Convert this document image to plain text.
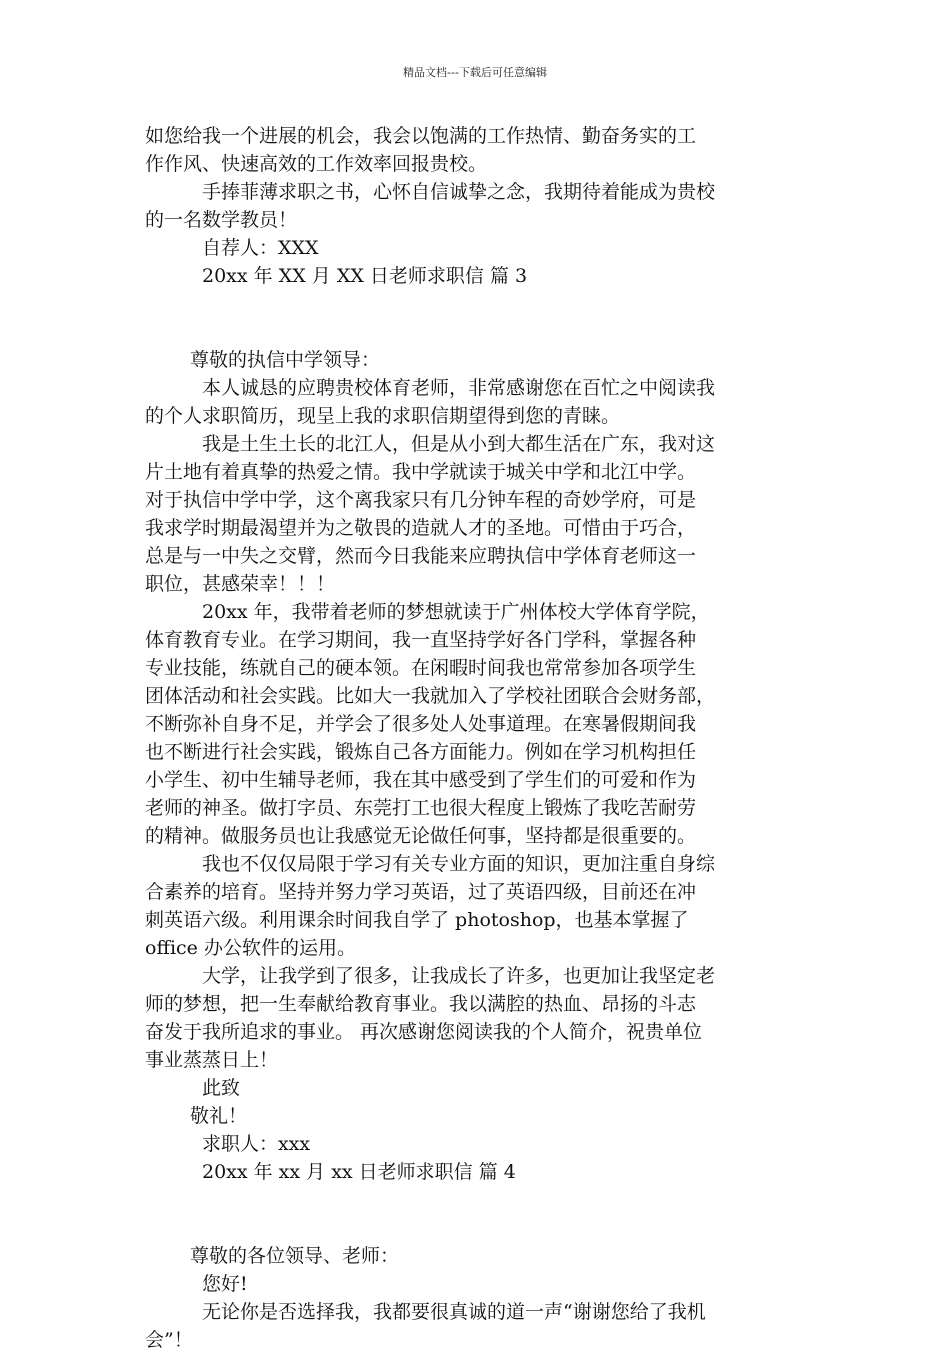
精品文档---下载后可任意编辑
如您给我一个进展的机会，我会以饱满的工作热情、勤奋务实的工
作作风、快速高效的工作效率回报贵校。
手捧菲薄求职之书，心怀自信诚挚之念，我期待着能成为贵校
的一名数学教员！
自荐人：XXX
20xx 年 XX 月 XX 日老师求职信 篇 3
尊敬的执信中学领导：
本人诚恳的应聘贵校体育老师，非常感谢您在百忙之中阅读我
的个人求职简历，现呈上我的求职信期望得到您的青睐。
我是土生土长的北江人，但是从小到大都生活在广东，我对这
片土地有着真挚的热爱之情。我中学就读于城关中学和北江中学。
对于执信中学中学，这个离我家只有几分钟车程的奇妙学府，可是
我求学时期最渴望并为之敬畏的造就人才的圣地。可惜由于巧合，
总是与一中失之交臂，然而今日我能来应聘执信中学体育老师这一
职位，甚感荣幸！！！
20xx 年，我带着老师的梦想就读于广州体校大学体育学院，
体育教育专业。在学习期间，我一直坚持学好各门学科，掌握各种
专业技能，练就自己的硬本领。在闲暇时间我也常常参加各项学生
团体活动和社会实践。比如大一我就加入了学校社团联合会财务部，
不断弥补自身不足，并学会了很多处人处事道理。在寒暑假期间我
也不断进行社会实践，锻炼自己各方面能力。例如在学习机构担任
小学生、初中生辅导老师，我在其中感受到了学生们的可爱和作为
老师的神圣。做打字员、东莞打工也很大程度上锻炼了我吃苦耐劳
的精神。做服务员也让我感觉无论做任何事，坚持都是很重要的。
我也不仅仅局限于学习有关专业方面的知识，更加注重自身综
合素养的培育。坚持并努力学习英语，过了英语四级，目前还在冲
刺英语六级。利用课余时间我自学了 photoshop，也基本掌握了
office 办公软件的运用。
大学，让我学到了很多，让我成长了许多，也更加让我坚定老
师的梦想，把一生奉献给教育事业。我以满腔的热血、昂扬的斗志
奋发于我所追求的事业。 再次感谢您阅读我的个人简介，祝贵单位
事业蒸蒸日上！
此致
敬礼！
求职人：xxx
20xx 年 xx 月 xx 日老师求职信 篇 4
尊敬的各位领导、老师：
您好!
无论你是否选择我，我都要很真诚的道一声“谢谢您给了我机
会”！
